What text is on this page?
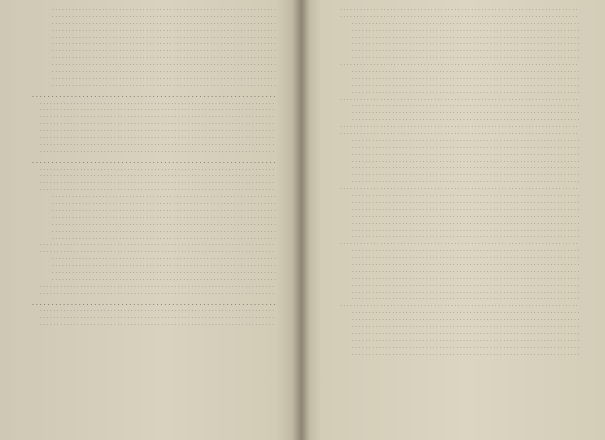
. . .
. . .
. . .
. . .
. . .
. . .
. . .
. . .
. . .
. . .
. . .
. . .
. . .
. . .
. . .
. . .
. . .
. . .
. . .
. . .
. . .
. . .
. . .
. . .
. . .
. . .
. . .
. . .
. . .
. . .
. . .
. . .
. . .
. . .
. . .
. . .
. . .
. . .
. . .
. . .
. . .
. . .
. . .
. . .
. . .
. . .
. . .
. . .
. . .
. . .
. . .
. . .
. . .
. . .
. . .
. . .
. . .
. . .
. . .
. . .
. . .
. . .
. . .
. . .
. . .
. . .
. . .
. . .
. . .
. . .
. . .
. . .
. . .
. . .
. . .
. . .
. . .
. . .
. . .
. . .
. . .
. . .
. . .
. . .
. . .
. . .
. . .
. . .
. . .
. . .
. . .
. . .
. . .
. . .
. . .
. . .
